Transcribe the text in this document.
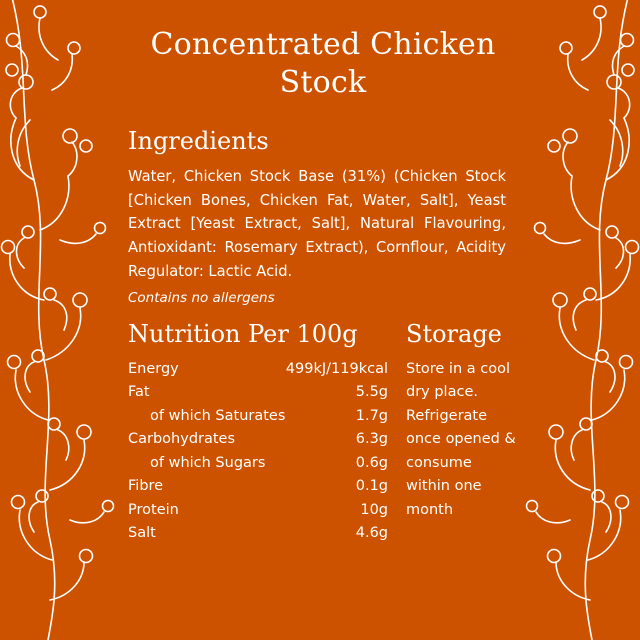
Concentrated Chicken Stock
Ingredients

Water, Chicken Stock Base (31%) (Chicken Stock [Chicken Bones, Chicken Fat, Water, Salt], Yeast Extract [Yeast Extract, Salt], Natural Flavouring, Antioxidant: Rosemary Extract), Cornflour, Acidity Regulator: Lactic Acid.

Contains no allergens

Nutrition Per 100g
Energy	499kJ/119kcal
Fat	5.5g
of which Saturates	1.7g
Carbohydrates	6.3g
of which Sugars	0.6g
Fibre	0.1g
Protein	10g
Salt	4.6g
Storage

Store in a cool dry place. Refrigerate once opened & consume within one month
